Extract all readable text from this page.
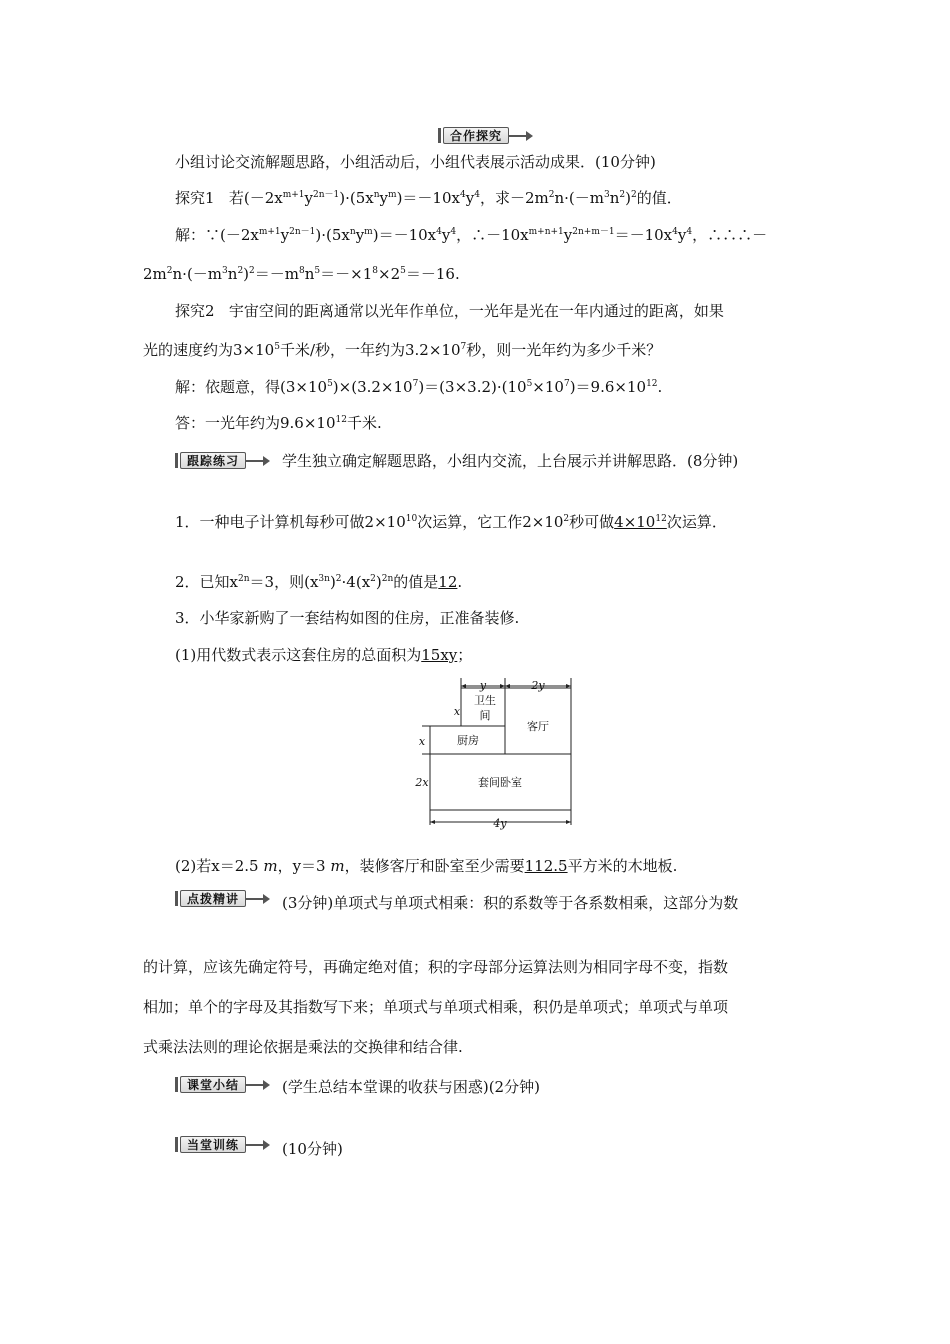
合作探究
小组讨论交流解题思路，小组活动后，小组代表展示活动成果．(10分钟)
探究1 若$(-2x^{m+1}y^{2n-1})\cdot(5x^ny^m)=-10x^4y^4$，求$-2m^2n\cdot(-m^3n^2)^2$的值．
解：$\because(-2x^{m+1}y^{2n-1})\cdot(5x^ny^m)=-10x^4y^4$，$\therefore-10x^{m+n+1}y^{2n+m-1}=-10x^4y^4$，∴∴∴－
$2m^2n\cdot(-m^3n^2)^2=-m^8n^5=-\times 1^8\times 2^5=-16$.
探究2 宇宙空间的距离通常以光年作单位，一光年是光在一年内通过的距离，如果
光的速度约为$3\times 10^5$千米/秒，一年约为$3.2\times 10^7$秒，则一光年约为多少千米？
解：依题意，得$(3\times 10^5)\times(3.2\times 10^7)=(3\times 3.2)\cdot(10^5\times 10^7)=9.6\times 10^{12}$.
答：一光年约为$9.6\times 10^{12}$千米.
跟踪练习	学生独立确定解题思路，小组内交流，上台展示并讲解思路．(8分钟)
1．一种电子计算机每秒可做$2\times 10^{10}$次运算，它工作$2\times 10^2$秒可做$4\times 10^{12}$次运算．
2．已知$x^{2n}=3$，则$(x^{3n})^2\cdot 4(x^2)^{2n}$的值是12.
3．小华家新购了一套结构如图的住房，正准备装修.
(1)用代数式表示这套住房的总面积为15xy；
y	2y
x
x
2x
4y
卫生
间
客厅
厨房
套间卧室
(2)若x＝2.5 m，y＝3 m，装修客厅和卧室至少需要112.5平方米的木地板.
点拨精讲	(3分钟)单项式与单项式相乘：积的系数等于各系数相乘，这部分为数
的计算，应该先确定符号，再确定绝对值；积的字母部分运算法则为相同字母不变，指数
相加；单个的字母及其指数写下来；单项式与单项式相乘，积仍是单项式；单项式与单项
式乘法法则的理论依据是乘法的交换律和结合律.
课堂小结	(学生总结本堂课的收获与困惑)(2分钟)
当堂训练	(10分钟)
